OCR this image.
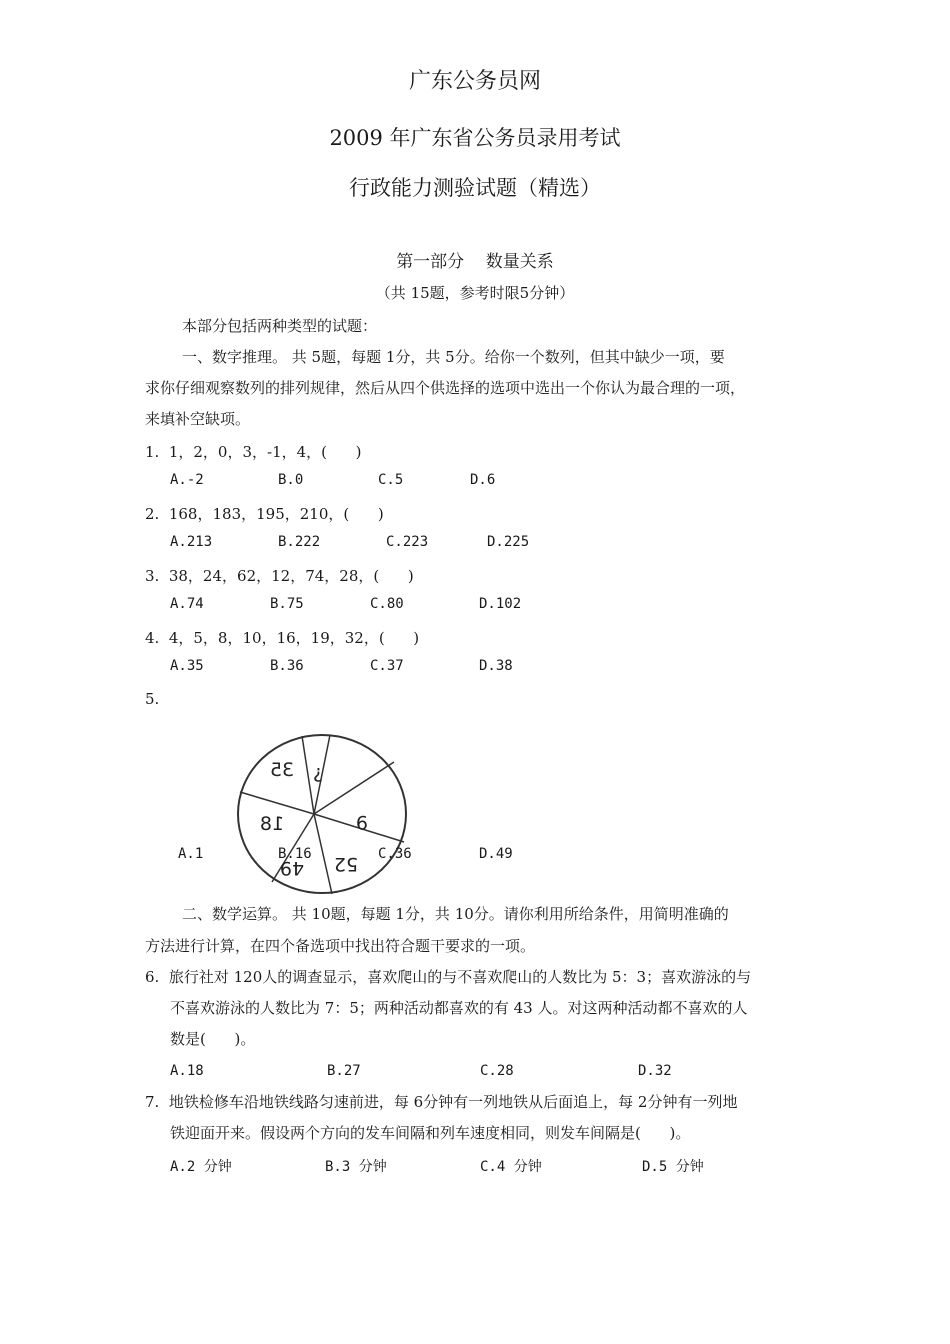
广东公务员网
2009 年广东省公务员录用考试
行政能力测验试题（精选）
第一部分    数量关系
（共 15题，参考时限5分钟）
本部分包括两种类型的试题：
一、数字推理。 共 5题，每题 1分，共 5分。给你一个数列，但其中缺少一项，要
求你仔细观察数列的排列规律，然后从四个供选择的选项中选出一个你认为最合理的一项，
来填补空缺项。
1.  1，2，0，3，-1，4，(      )
A.-2	B.0	C.5	D.6
2.  168，183，195，210，(      )
A.213	B.222	C.223	D.225
3.  38，24，62，12，74，28，(      )
A.74	B.75	C.80	D.102
4.  4，5，8，10，16，19，32，(      )
A.35	B.36	C.37	D.38
5.
35 ?
9
52
49
18
A.1	B.16	C.36	D.49
二、数学运算。 共 10题，每题 1分，共 10分。请你利用所给条件，用简明准确的
方法进行计算，在四个备选项中找出符合题干要求的一项。
6.  旅行社对 120人的调查显示，喜欢爬山的与不喜欢爬山的人数比为 5：3；喜欢游泳的与
不喜欢游泳的人数比为 7：5；两种活动都喜欢的有 43 人。对这两种活动都不喜欢的人
数是(      )。
A.18	B.27	C.28	D.32
7.  地铁检修车沿地铁线路匀速前进，每 6分钟有一列地铁从后面追上，每 2分钟有一列地
铁迎面开来。假设两个方向的发车间隔和列车速度相同，则发车间隔是(      )。
A.2 分钟	B.3 分钟	C.4 分钟	D.5 分钟
